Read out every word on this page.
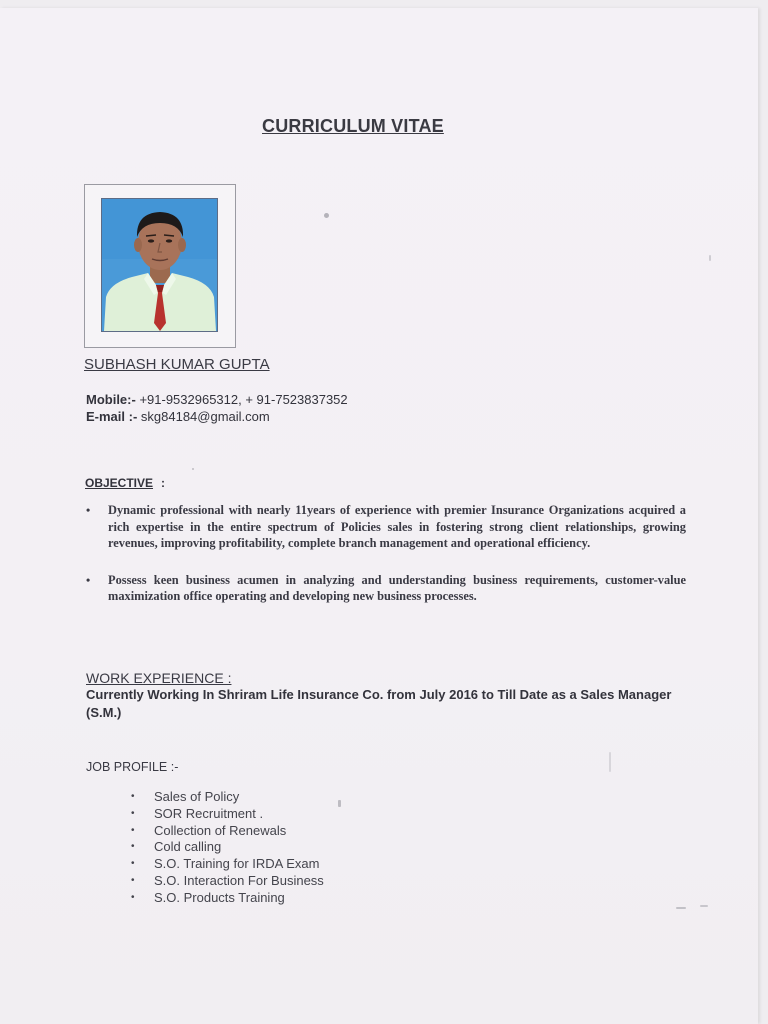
CURRICULUM VITAE
SUBHASH KUMAR GUPTA
Mobile:- +91-9532965312, + 91-7523837352
E-mail :- skg84184@gmail.com
OBJECTIVE :
• Dynamic professional with nearly 11years of experience with premier Insurance Organizations acquired a rich expertise in the entire spectrum of Policies sales in fostering strong client relationships, growing revenues, improving profitability, complete branch management and operational efficiency.
• Possess keen business acumen in analyzing and understanding business requirements, customer-value maximization office operating and developing new business processes.
WORK EXPERIENCE :
Currently Working In Shriram Life Insurance Co. from July 2016 to Till Date as a Sales Manager (S.M.)
JOB PROFILE :-
• Sales of Policy
• SOR Recruitment .
• Collection of Renewals
• Cold calling
• S.O. Training for IRDA Exam
• S.O. Interaction For Business
• S.O. Products Training
